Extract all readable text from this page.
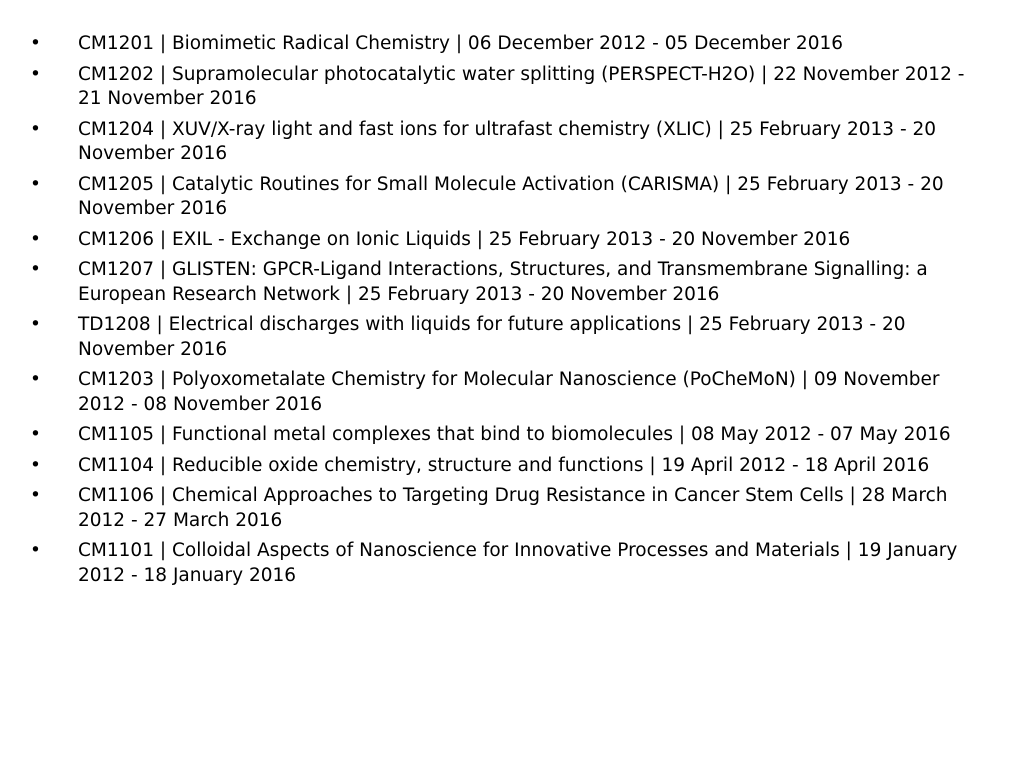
•	CM1201 | Biomimetic Radical Chemistry | 06 December 2012 - 05 December 2016
•	CM1202 | Supramolecular photocatalytic water splitting (PERSPECT-H2O) | 22 November 2012 - 21 November 2016
•	CM1204 | XUV/X-ray light and fast ions for ultrafast chemistry (XLIC) | 25 February 2013 - 20 November 2016
•	CM1205 | Catalytic Routines for Small Molecule Activation (CARISMA) | 25 February 2013 - 20 November 2016
•	CM1206 | EXIL - Exchange on Ionic Liquids | 25 February 2013 - 20 November 2016
•	CM1207 | GLISTEN: GPCR-Ligand Interactions, Structures, and Transmembrane Signalling: a European Research Network | 25 February 2013 - 20 November 2016
•	TD1208 | Electrical discharges with liquids for future applications | 25 February 2013 - 20 November 2016
•	CM1203 | Polyoxometalate Chemistry for Molecular Nanoscience (PoCheMoN) | 09 November 2012 - 08 November 2016
•	CM1105 | Functional metal complexes that bind to biomolecules | 08 May 2012 - 07 May 2016
•	CM1104 | Reducible oxide chemistry, structure and functions | 19 April 2012 - 18 April 2016
•	CM1106 | Chemical Approaches to Targeting Drug Resistance in Cancer Stem Cells | 28 March 2012 - 27 March 2016
•	CM1101 | Colloidal Aspects of Nanoscience for Innovative Processes and Materials | 19 January 2012 - 18 January 2016
